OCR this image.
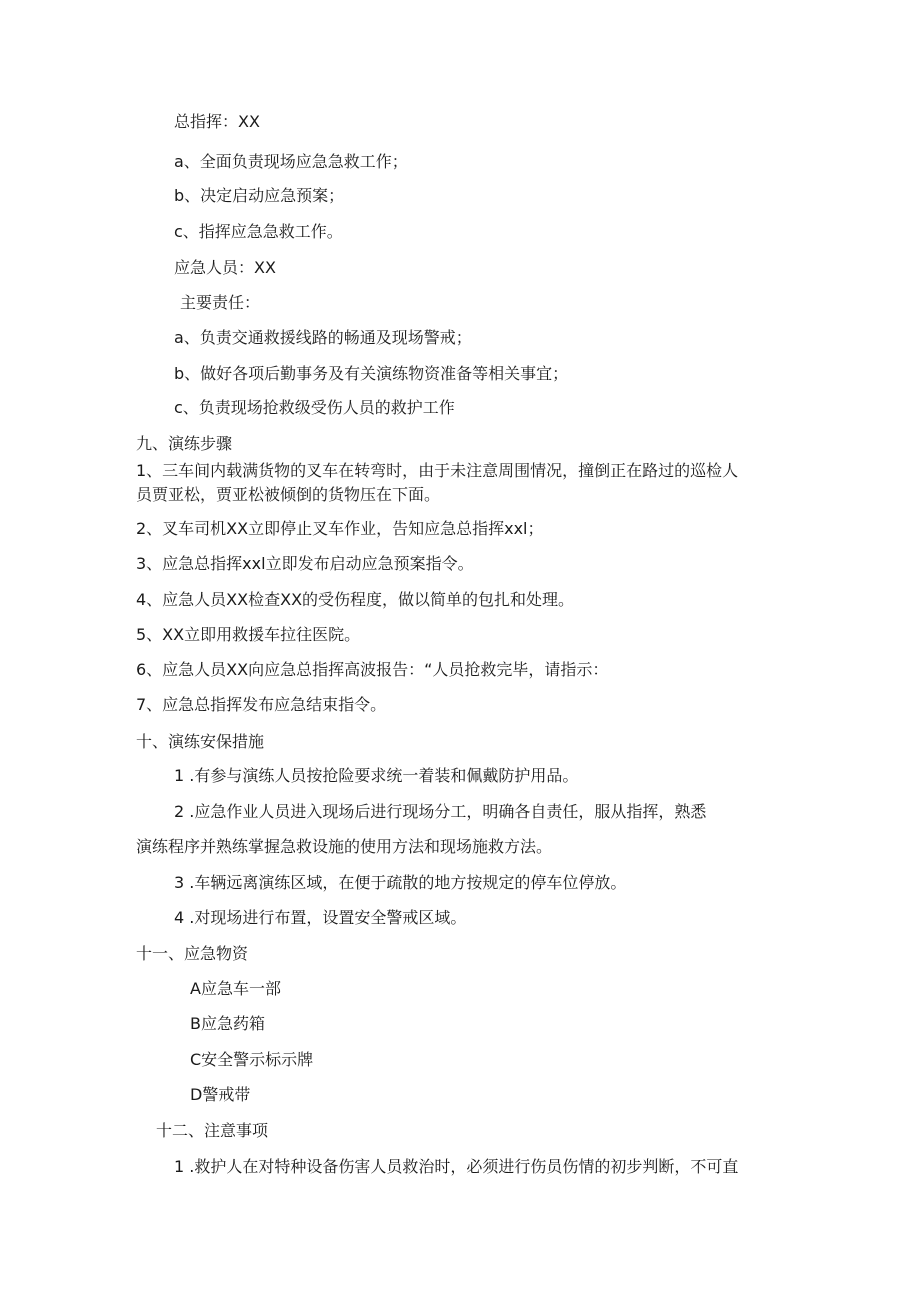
总指挥：XX
a、全面负责现场应急急救工作；
b、决定启动应急预案；
c、指挥应急急救工作。
应急人员：XX
主要责任：
a、负责交通救援线路的畅通及现场警戒；
b、做好各项后勤事务及有关演练物资准备等相关事宜；
c、负责现场抢救级受伤人员的救护工作
九、演练步骤
1、三车间内载满货物的叉车在转弯时，由于未注意周围情况，撞倒正在路过的巡检人
员贾亚松，贾亚松被倾倒的货物压在下面。
2、叉车司机XX立即停止叉车作业，告知应急总指挥xxl；
3、应急总指挥xxl立即发布启动应急预案指令。
4、应急人员XX检查XX的受伤程度，做以简单的包扎和处理。
5、XX立即用救援车拉往医院。
6、应急人员XX向应急总指挥高波报告：“人员抢救完毕，请指示：
7、应急总指挥发布应急结束指令。
十、演练安保措施
1 .有参与演练人员按抢险要求统一着装和佩戴防护用品。
2 .应急作业人员进入现场后进行现场分工，明确各自责任，服从指挥，熟悉
演练程序并熟练掌握急救设施的使用方法和现场施救方法。
3 .车辆远离演练区域，在便于疏散的地方按规定的停车位停放。
4 .对现场进行布置，设置安全警戒区域。
十一、应急物资
A应急车一部
B应急药箱
C安全警示标示牌
D警戒带
十二、注意事项
1 .救护人在对特种设备伤害人员救治时，必须进行伤员伤情的初步判断，不可直
